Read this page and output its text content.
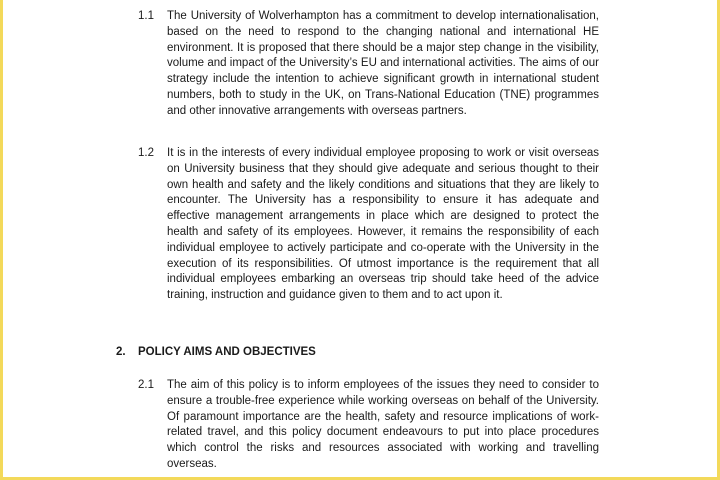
1.1 The University of Wolverhampton has a commitment to develop internationalisation, based on the need to respond to the changing national and international HE environment. It is proposed that there should be a major step change in the visibility, volume and impact of the University’s EU and international activities. The aims of our strategy include the intention to achieve significant growth in international student numbers, both to study in the UK, on Trans-National Education (TNE) programmes and other innovative arrangements with overseas partners.

1.2 It is in the interests of every individual employee proposing to work or visit overseas on University business that they should give adequate and serious thought to their own health and safety and the likely conditions and situations that they are likely to encounter. The University has a responsibility to ensure it has adequate and effective management arrangements in place which are designed to protect the health and safety of its employees. However, it remains the responsibility of each individual employee to actively participate and co-operate with the University in the execution of its responsibilities. Of utmost importance is the requirement that all individual employees embarking an overseas trip should take heed of the advice training, instruction and guidance given to them and to act upon it.

2. POLICY AIMS AND OBJECTIVES
2.1 The aim of this policy is to inform employees of the issues they need to consider to ensure a trouble-free experience while working overseas on behalf of the University. Of paramount importance are the health, safety and resource implications of work-related travel, and this policy document endeavours to put into place procedures which control the risks and resources associated with working and travelling overseas.
